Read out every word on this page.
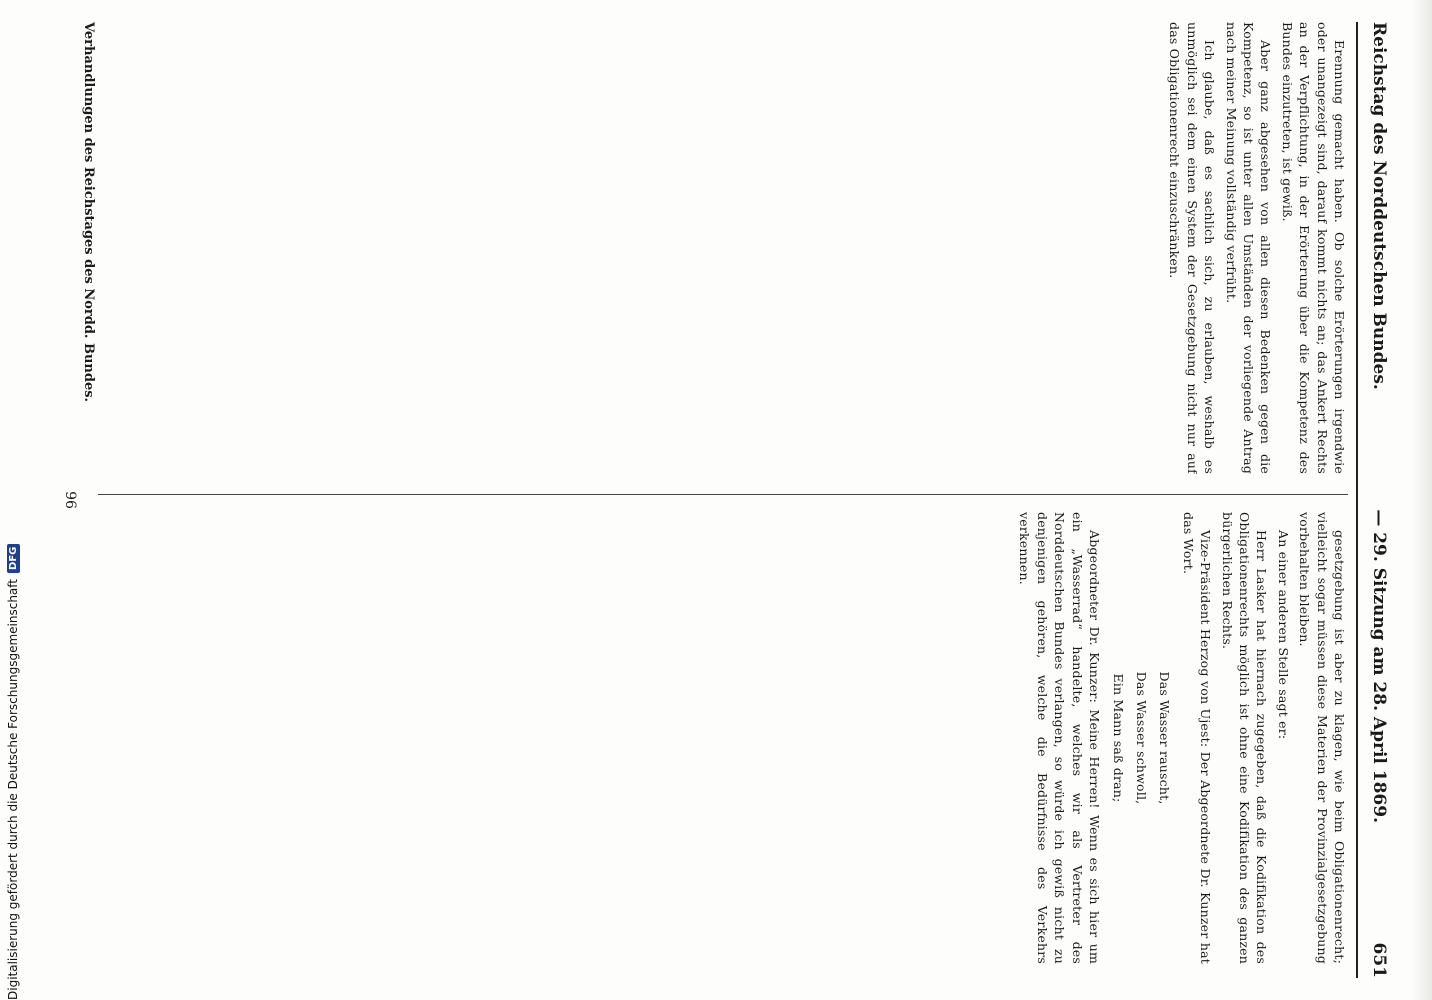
Reichstag des Norddeutschen Bundes.
— 29. Sitzung am 28. April 1869.
651

Erennung gemacht haben. Ob solche Erörterungen irgendwie oder unangezeigt sind, darauf kommt nichts an; das Ankert Rechts an der Verpflichtung, in der Erörterung über die Kompetenz des Bundes einzutreten, ist gewiß.

Aber ganz abgesehen von allen diesen Bedenken gegen die Kompetenz, so ist unter allen Umständen der vorliegende Antrag nach meiner Meinung vollständig verfrüht.

Ich glaube, daß es sachlich sich, zu erlauben, weshalb es unmöglich sei dem einen System der Gesetzgebung nicht nur auf das Obligationenrecht einzuschränken.

gesetzgebung ist aber zu klagen, wie beim Obligationenrecht; vielleicht sogar müssen diese Materien der Provinzialgesetzgebung vorbehalten bleiben.

An einer anderen Stelle sagt er:

Herr Lasker hat hiernach zugegeben, daß die Kodifikation des Obligationenrechts möglich ist ohne eine Kodifikation des ganzen bürgerlichen Rechts.

Vize-Präsident Herzog von Ujest: Der Abgeordnete Dr. Kunzer hat das Wort.

Das Wasser rauscht,

Das Wasser schwoll,

Ein Mann saß dran;

Abgeordneter Dr. Kunzer: Meine Herren! Wenn es sich hier um ein „Wasserrad“ handelte, welches wir als Vertreter des Norddeutschen Bundes verlangen, so würde ich gewiß nicht zu denjenigen gehören, welche die Bedürfnisse des Verkehrs verkennen.

Verhandlungen des Reichstages des Nordd. Bundes.
96
Digitalisierung gefördert durch die Deutsche Forschungsgemeinschaft
DFG
